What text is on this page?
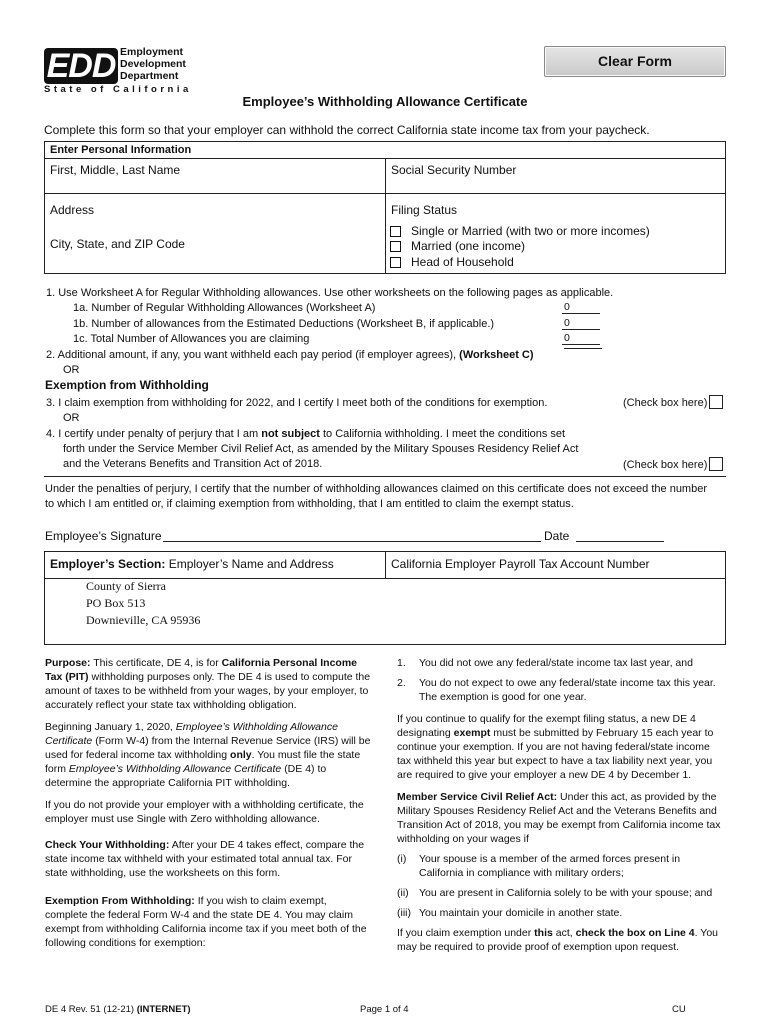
EDD Employment
Development
Department
State of California
Clear Form
Employee’s Withholding Allowance Certificate
Complete this form so that your employer can withhold the correct California state income tax from your paycheck.
Enter Personal Information
First, Middle, Last Name	Social Security Number
Address
City, State, and ZIP Code
Filing Status
Single or Married (with two or more incomes)
Married (one income)
Head of Household
1. Use Worksheet A for Regular Withholding allowances. Use other worksheets on the following pages as applicable.
1a. Number of Regular Withholding Allowances (Worksheet A)	0
1b. Number of allowances from the Estimated Deductions (Worksheet B, if applicable.)	0
1c. Total Number of Allowances you are claiming	0
2. Additional amount, if any, you want withheld each pay period (if employer agrees), (Worksheet C)
OR
Exemption from Withholding
3. I claim exemption from withholding for 2022, and I certify I meet both of the conditions for exemption.	(Check box here)
OR
4. I certify under penalty of perjury that I am not subject to California withholding. I meet the conditions set
forth under the Service Member Civil Relief Act, as amended by the Military Spouses Residency Relief Act
and the Veterans Benefits and Transition Act of 2018.	(Check box here)
Under the penalties of perjury, I certify that the number of withholding allowances claimed on this certificate does not exceed the number
to which I am entitled or, if claiming exemption from withholding, that I am entitled to claim the exempt status.
Employee’s Signature	Date
Employer’s Section: Employer’s Name and Address	California Employer Payroll Tax Account Number
County of Sierra
PO Box 513
Downieville, CA 95936

Purpose: This certificate, DE 4, is for California Personal Income Tax (PIT) withholding purposes only. The DE 4 is used to compute the amount of taxes to be withheld from your wages, by your employer, to accurately reflect your state tax withholding obligation.

Beginning January 1, 2020, Employee’s Withholding Allowance Certificate (Form W-4) from the Internal Revenue Service (IRS) will be used for federal income tax withholding only. You must file the state form Employee’s Withholding Allowance Certificate (DE 4) to determine the appropriate California PIT withholding.

If you do not provide your employer with a withholding certificate, the employer must use Single with Zero withholding allowance.

Check Your Withholding: After your DE 4 takes effect, compare the state income tax withheld with your estimated total annual tax. For state withholding, use the worksheets on this form.

Exemption From Withholding: If you wish to claim exempt, complete the federal Form W-4 and the state DE 4. You may claim exempt from withholding California income tax if you meet both of the following conditions for exemption:

1.	You did not owe any federal/state income tax last year, and
2.	You do not expect to owe any federal/state income tax this year. The exemption is good for one year.

If you continue to qualify for the exempt filing status, a new DE 4 designating exempt must be submitted by February 15 each year to continue your exemption. If you are not having federal/state income tax withheld this year but expect to have a tax liability next year, you are required to give your employer a new DE 4 by December 1.

Member Service Civil Relief Act: Under this act, as provided by the Military Spouses Residency Relief Act and the Veterans Benefits and Transition Act of 2018, you may be exempt from California income tax withholding on your wages if

(i)	Your spouse is a member of the armed forces present in California in compliance with military orders;
(ii) You are present in California solely to be with your spouse; and
(iii) You maintain your domicile in another state.

If you claim exemption under this act, check the box on Line 4. You may be required to provide proof of exemption upon request.

DE 4 Rev. 51 (12-21) (INTERNET)	Page 1 of 4	CU
